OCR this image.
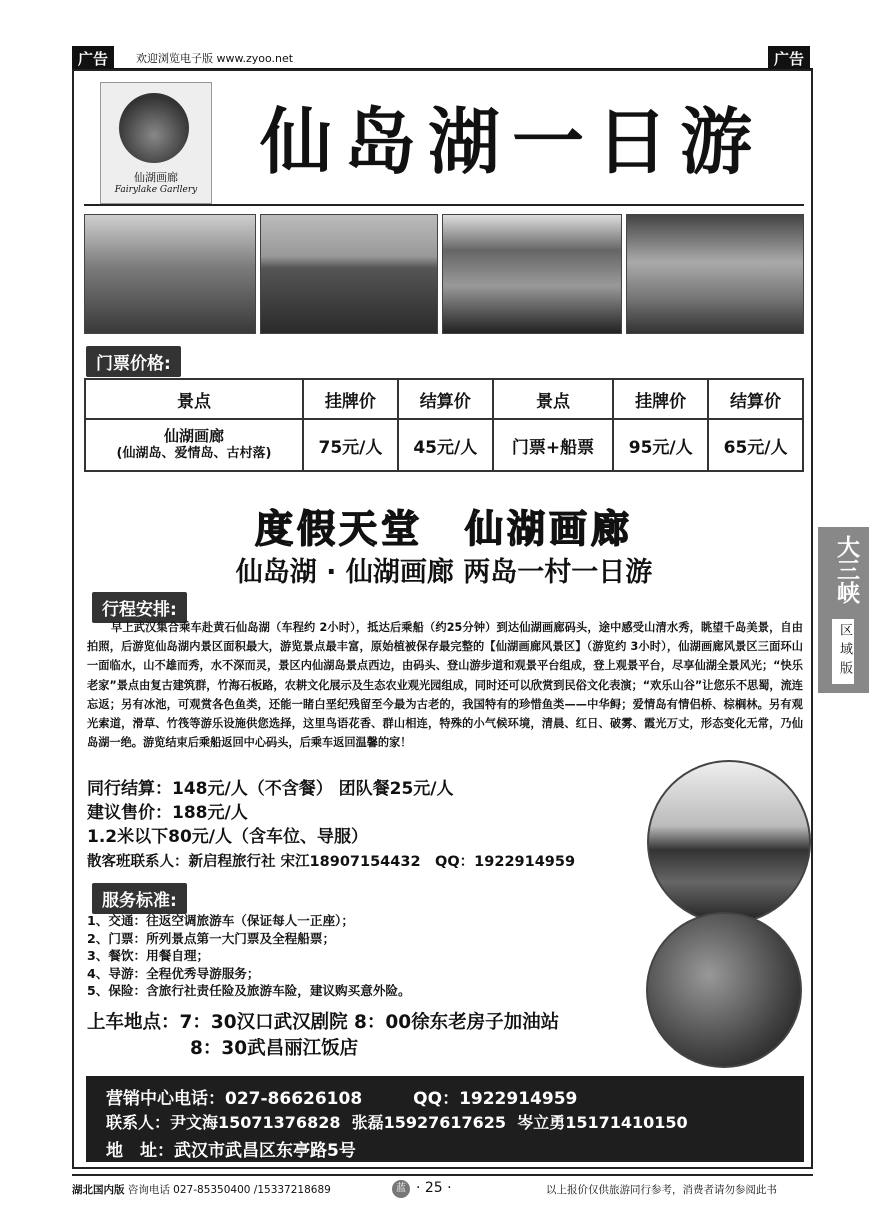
广告	欢迎浏览电子版 www.zyoo.net	广告
仙湖画廊
Fairylake Garllery
仙岛湖一日游
门票价格:
景点	挂牌价	结算价	景点	挂牌价	结算价

仙湖画廊
(仙湖岛、爱情岛、古村落)	75元/人	45元/人	门票+船票	95元/人	65元/人
度假天堂　仙湖画廊
仙岛湖 · 仙湖画廊 两岛一村一日游
行程安排:
早上武汉集合乘车赴黄石仙岛湖（车程约 2小时），抵达后乘船（约25分钟）到达仙湖画廊码头，途中感受山清水秀，眺望千岛美景，自由拍照，后游览仙岛湖内景区面积最大，游览景点最丰富，原始植被保存最完整的【仙湖画廊风景区】（游览约 3小时），仙湖画廊风景区三面环山一面临水，山不雄而秀，水不深而灵，景区内仙湖岛景点西边，由码头、登山游步道和观景平台组成，登上观景平台，尽享仙湖全景风光；“快乐老家”景点由复古建筑群，竹海石板路，农耕文化展示及生态农业观光园组成，同时还可以欣赏到民俗文化表演；“欢乐山谷”让您乐不思蜀，流连忘返；另有冰池，可观赏各色鱼类，还能一睹白垩纪残留至今最为古老的，我国特有的珍惜鱼类——中华鲟；爱情岛有情侣桥、棕榈林。另有观光索道，滑草、竹筏等游乐设施供您选择，这里鸟语花香、群山相连，特殊的小气候环境，清晨、红日、破雾、霞光万丈，形态变化无常，乃仙岛湖一绝。游览结束后乘船返回中心码头，后乘车返回温馨的家！
同行结算：148元/人（不含餐） 团队餐25元/人
建议售价：188元/人
1.2米以下80元/人（含车位、导服）
散客班联系人：新启程旅行社 宋江18907154432　QQ：1922914959
服务标准:
1、交通：往返空调旅游车（保证每人一正座）；
2、门票：所列景点第一大门票及全程船票；
3、餐饮：用餐自理；
4、导游：全程优秀导游服务；
5、保险：含旅行社责任险及旅游车险，建议购买意外险。
上车地点：7：30汉口武汉剧院 8：00徐东老房子加油站
8：30武昌丽江饭店
营销中心电话：027-86626108　　　QQ：1922914959
联系人：尹文海15071376828  张磊15927617625  岑立勇15171410150
地　址：武汉市武昌区东亭路5号
大三峡
区域版
湖北国内版 咨询电话 027-85350400 /15337218689	蓝 · 25 ·	以上报价仅供旅游同行参考，消费者请勿参阅此书
